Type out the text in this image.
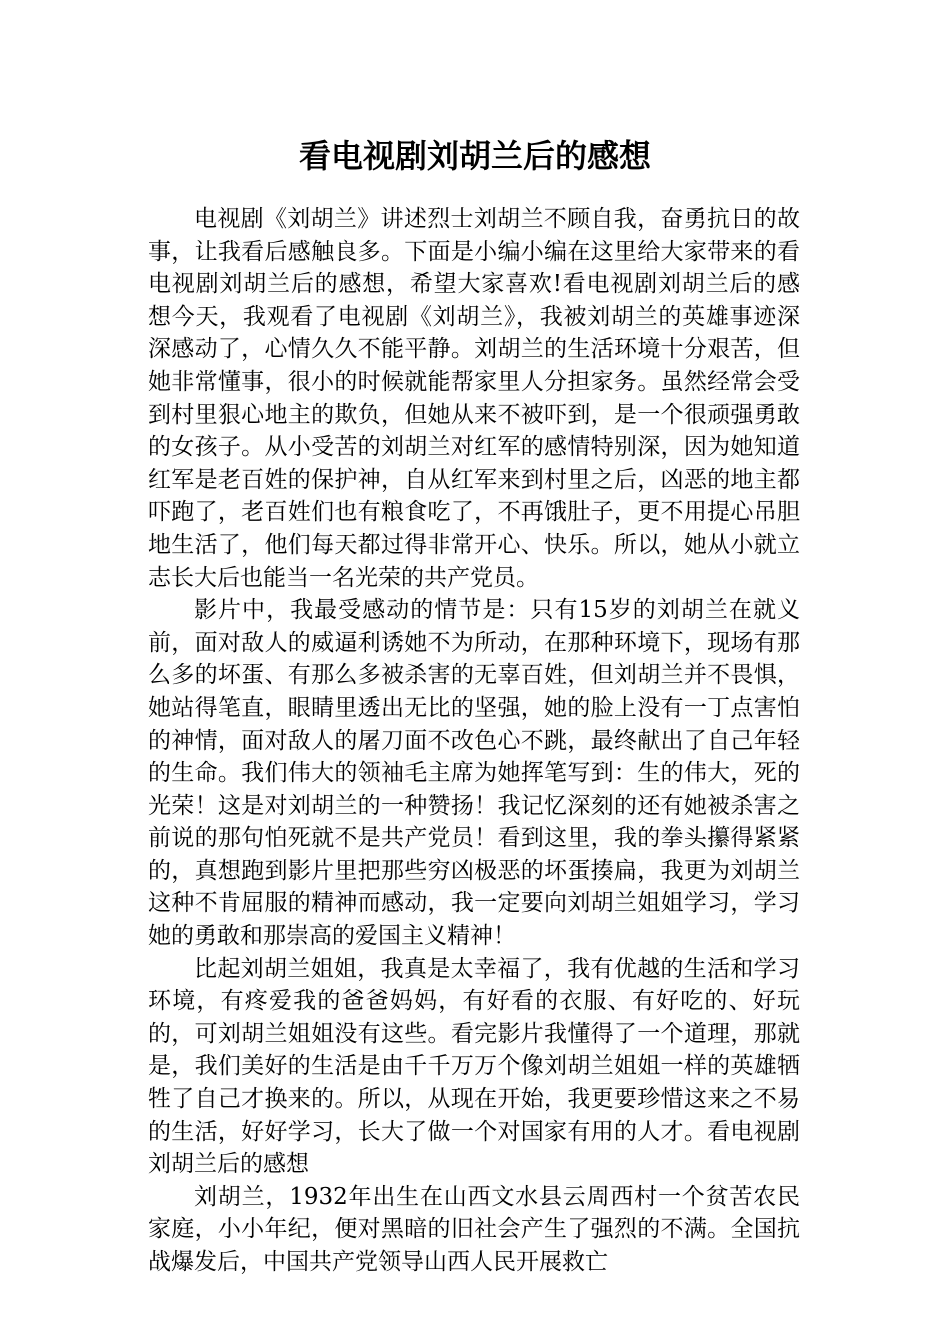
看电视剧刘胡兰后的感想

电视剧《刘胡兰》讲述烈士刘胡兰不顾自我，奋勇抗日的故事，让我看后感触良多。下面是小编小编在这里给大家带来的看电视剧刘胡兰后的感想，希望大家喜欢!看电视剧刘胡兰后的感想今天，我观看了电视剧《刘胡兰》，我被刘胡兰的英雄事迹深深感动了，心情久久不能平静。刘胡兰的生活环境十分艰苦，但她非常懂事，很小的时候就能帮家里人分担家务。虽然经常会受到村里狠心地主的欺负，但她从来不被吓到，是一个很顽强勇敢的女孩子。从小受苦的刘胡兰对红军的感情特别深，因为她知道红军是老百姓的保护神，自从红军来到村里之后，凶恶的地主都吓跑了，老百姓们也有粮食吃了，不再饿肚子，更不用提心吊胆地生活了，他们每天都过得非常开心、快乐。所以，她从小就立志长大后也能当一名光荣的共产党员。

影片中，我最受感动的情节是：只有15岁的刘胡兰在就义前，面对敌人的威逼利诱她不为所动，在那种环境下，现场有那么多的坏蛋、有那么多被杀害的无辜百姓，但刘胡兰并不畏惧，她站得笔直，眼睛里透出无比的坚强，她的脸上没有一丁点害怕的神情，面对敌人的屠刀面不改色心不跳，最终献出了自己年轻的生命。我们伟大的领袖毛主席为她挥笔写到：生的伟大，死的光荣！这是对刘胡兰的一种赞扬！我记忆深刻的还有她被杀害之前说的那句怕死就不是共产党员！看到这里，我的拳头攥得紧紧的，真想跑到影片里把那些穷凶极恶的坏蛋揍扁，我更为刘胡兰这种不肯屈服的精神而感动，我一定要向刘胡兰姐姐学习，学习她的勇敢和那崇高的爱国主义精神！

比起刘胡兰姐姐，我真是太幸福了，我有优越的生活和学习环境，有疼爱我的爸爸妈妈，有好看的衣服、有好吃的、好玩的，可刘胡兰姐姐没有这些。看完影片我懂得了一个道理，那就是，我们美好的生活是由千千万万个像刘胡兰姐姐一样的英雄牺牲了自己才换来的。所以，从现在开始，我更要珍惜这来之不易的生活，好好学习，长大了做一个对国家有用的人才。看电视剧刘胡兰后的感想

刘胡兰，1932年出生在山西文水县云周西村一个贫苦农民家庭，小小年纪，便对黑暗的旧社会产生了强烈的不满。全国抗战爆发后，中国共产党领导山西人民开展救亡
